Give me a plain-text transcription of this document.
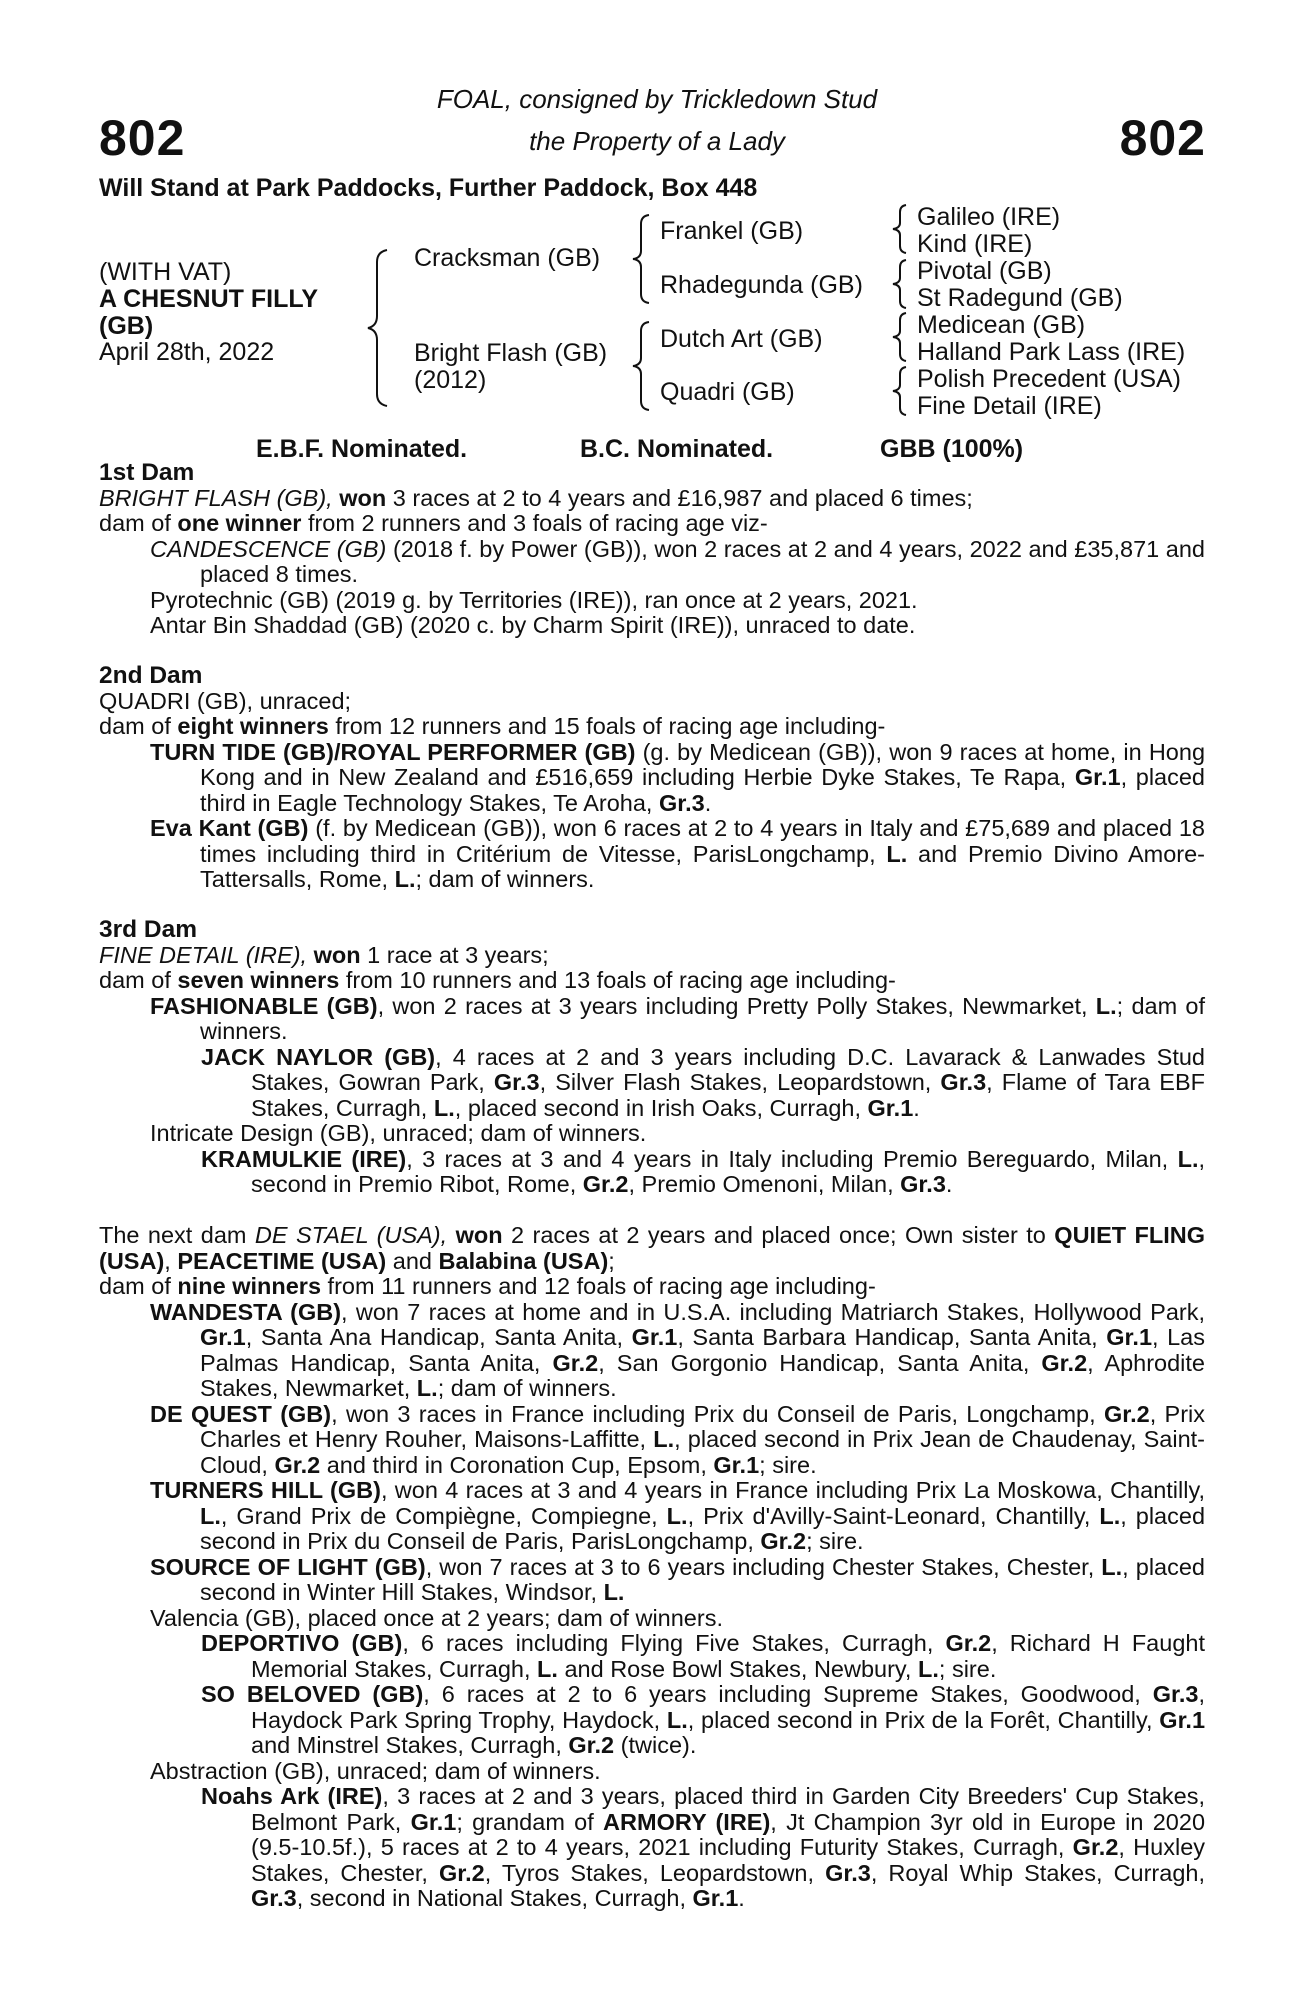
802	802
FOAL, consigned by Trickledown Stud
the Property of a Lady
Will Stand at Park Paddocks, Further Paddock, Box 448
(WITH VAT)
A CHESNUT FILLY
(GB)
April 28th, 2022
Cracksman (GB)
Bright Flash (GB)
(2012)
Frankel (GB)
Rhadegunda (GB)
Dutch Art (GB)
Quadri (GB)
Galileo (IRE)
Kind (IRE)
Pivotal (GB)
St Radegund (GB)
Medicean (GB)
Halland Park Lass (IRE)
Polish Precedent (USA)
Fine Detail (IRE)
E.B.F. Nominated.	B.C. Nominated.	GBB (100%)
1st Dam

BRIGHT FLASH (GB), won 3 races at 2 to 4 years and £16,987 and placed 6 times;

dam of one winner from 2 runners and 3 foals of racing age viz-

CANDESCENCE (GB) (2018 f. by Power (GB)), won 2 races at 2 and 4 years, 2022 and £35,871 and placed 8 times.

Pyrotechnic (GB) (2019 g. by Territories (IRE)), ran once at 2 years, 2021.

Antar Bin Shaddad (GB) (2020 c. by Charm Spirit (IRE)), unraced to date.

2nd Dam

QUADRI (GB), unraced;

dam of eight winners from 12 runners and 15 foals of racing age including-

TURN TIDE (GB)/ROYAL PERFORMER (GB) (g. by Medicean (GB)), won 9 races at home, in Hong Kong and in New Zealand and £516,659 including Herbie Dyke Stakes, Te Rapa, Gr.1, placed third in Eagle Technology Stakes, Te Aroha, Gr.3.

Eva Kant (GB) (f. by Medicean (GB)), won 6 races at 2 to 4 years in Italy and £75,689 and placed 18 times including third in Critérium de Vitesse, ParisLongchamp, L. and Premio Divino Amore-Tattersalls, Rome, L.; dam of winners.

3rd Dam

FINE DETAIL (IRE), won 1 race at 3 years;

dam of seven winners from 10 runners and 13 foals of racing age including-

FASHIONABLE (GB), won 2 races at 3 years including Pretty Polly Stakes, Newmarket, L.; dam of winners.

JACK NAYLOR (GB), 4 races at 2 and 3 years including D.C. Lavarack & Lanwades Stud Stakes, Gowran Park, Gr.3, Silver Flash Stakes, Leopardstown, Gr.3, Flame of Tara EBF Stakes, Curragh, L., placed second in Irish Oaks, Curragh, Gr.1.

Intricate Design (GB), unraced; dam of winners.

KRAMULKIE (IRE), 3 races at 3 and 4 years in Italy including Premio Bereguardo, Milan, L., second in Premio Ribot, Rome, Gr.2, Premio Omenoni, Milan, Gr.3.

The next dam DE STAEL (USA), won 2 races at 2 years and placed once; Own sister to QUIET FLING (USA), PEACETIME (USA) and Balabina (USA);

dam of nine winners from 11 runners and 12 foals of racing age including-

WANDESTA (GB), won 7 races at home and in U.S.A. including Matriarch Stakes, Hollywood Park, Gr.1, Santa Ana Handicap, Santa Anita, Gr.1, Santa Barbara Handicap, Santa Anita, Gr.1, Las Palmas Handicap, Santa Anita, Gr.2, San Gorgonio Handicap, Santa Anita, Gr.2, Aphrodite Stakes, Newmarket, L.; dam of winners.

DE QUEST (GB), won 3 races in France including Prix du Conseil de Paris, Longchamp, Gr.2, Prix Charles et Henry Rouher, Maisons-Laffitte, L., placed second in Prix Jean de Chaudenay, Saint-Cloud, Gr.2 and third in Coronation Cup, Epsom, Gr.1; sire.

TURNERS HILL (GB), won 4 races at 3 and 4 years in France including Prix La Moskowa, Chantilly, L., Grand Prix de Compiègne, Compiegne, L., Prix d'Avilly-Saint-Leonard, Chantilly, L., placed second in Prix du Conseil de Paris, ParisLongchamp, Gr.2; sire.

SOURCE OF LIGHT (GB), won 7 races at 3 to 6 years including Chester Stakes, Chester, L., placed second in Winter Hill Stakes, Windsor, L.

Valencia (GB), placed once at 2 years; dam of winners.

DEPORTIVO (GB), 6 races including Flying Five Stakes, Curragh, Gr.2, Richard H Faught Memorial Stakes, Curragh, L. and Rose Bowl Stakes, Newbury, L.; sire.

SO BELOVED (GB), 6 races at 2 to 6 years including Supreme Stakes, Goodwood, Gr.3, Haydock Park Spring Trophy, Haydock, L., placed second in Prix de la Forêt, Chantilly, Gr.1 and Minstrel Stakes, Curragh, Gr.2 (twice).

Abstraction (GB), unraced; dam of winners.

Noahs Ark (IRE), 3 races at 2 and 3 years, placed third in Garden City Breeders' Cup Stakes, Belmont Park, Gr.1; grandam of ARMORY (IRE), Jt Champion 3yr old in Europe in 2020 (9.5-10.5f.), 5 races at 2 to 4 years, 2021 including Futurity Stakes, Curragh, Gr.2, Huxley Stakes, Chester, Gr.2, Tyros Stakes, Leopardstown, Gr.3, Royal Whip Stakes, Curragh, Gr.3, second in National Stakes, Curragh, Gr.1.
